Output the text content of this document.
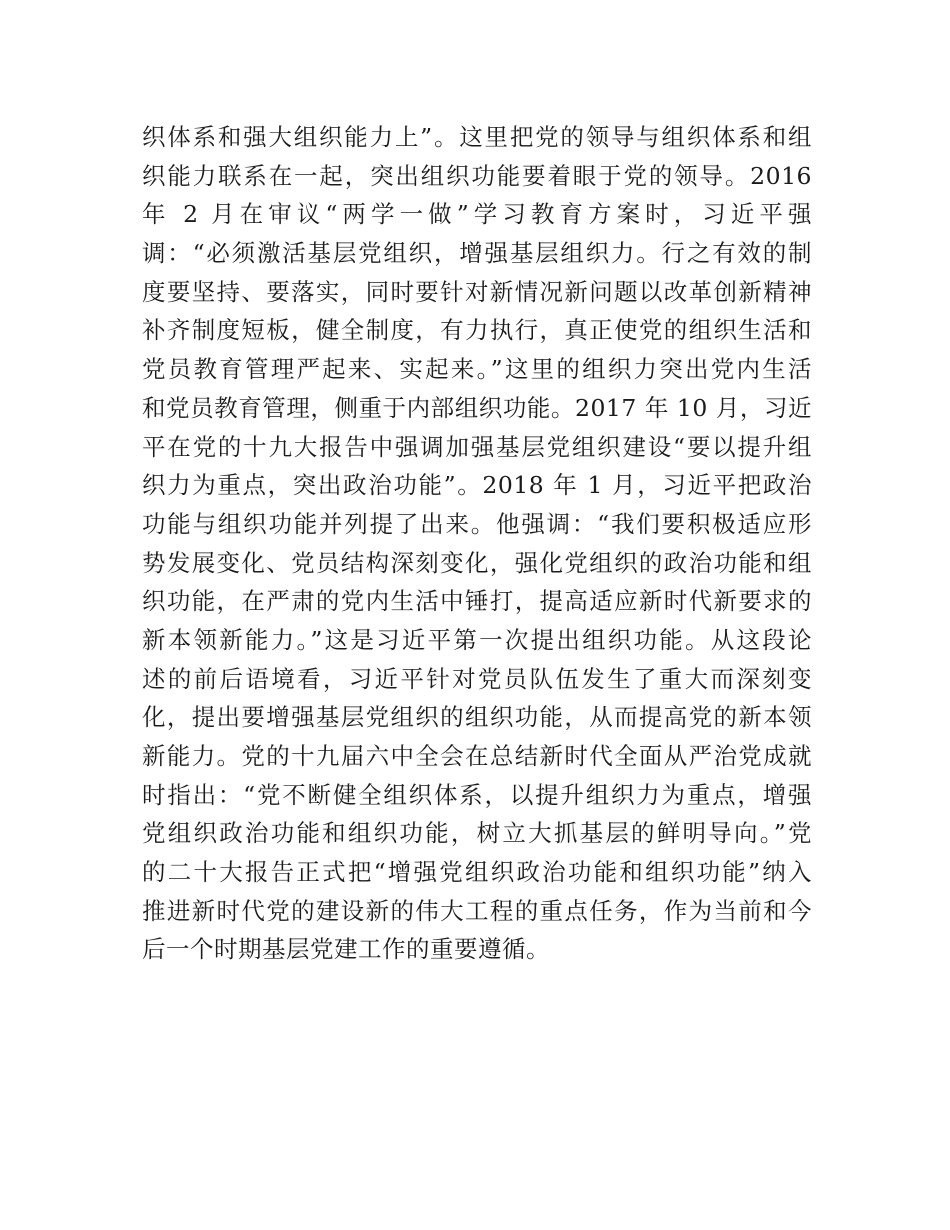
织体系和强大组织能力上”。这里把党的领导与组织体系和组
织能力联系在一起，突出组织功能要着眼于党的领导。2016
年 2 月在审议“两学一做”学习教育方案时，习近平强
调：“必须激活基层党组织，增强基层组织力。行之有效的制
度要坚持、要落实，同时要针对新情况新问题以改革创新精神
补齐制度短板，健全制度，有力执行，真正使党的组织生活和
党员教育管理严起来、实起来。”这里的组织力突出党内生活
和党员教育管理，侧重于内部组织功能。2017 年 10 月，习近
平在党的十九大报告中强调加强基层党组织建设“要以提升组
织力为重点，突出政治功能”。2018 年 1 月，习近平把政治
功能与组织功能并列提了出来。他强调：“我们要积极适应形
势发展变化、党员结构深刻变化，强化党组织的政治功能和组
织功能，在严肃的党内生活中锤打，提高适应新时代新要求的
新本领新能力。”这是习近平第一次提出组织功能。从这段论
述的前后语境看，习近平针对党员队伍发生了重大而深刻变
化，提出要增强基层党组织的组织功能，从而提高党的新本领
新能力。党的十九届六中全会在总结新时代全面从严治党成就
时指出：“党不断健全组织体系，以提升组织力为重点，增强
党组织政治功能和组织功能，树立大抓基层的鲜明导向。”党
的二十大报告正式把“增强党组织政治功能和组织功能”纳入
推进新时代党的建设新的伟大工程的重点任务，作为当前和今
后一个时期基层党建工作的重要遵循。
